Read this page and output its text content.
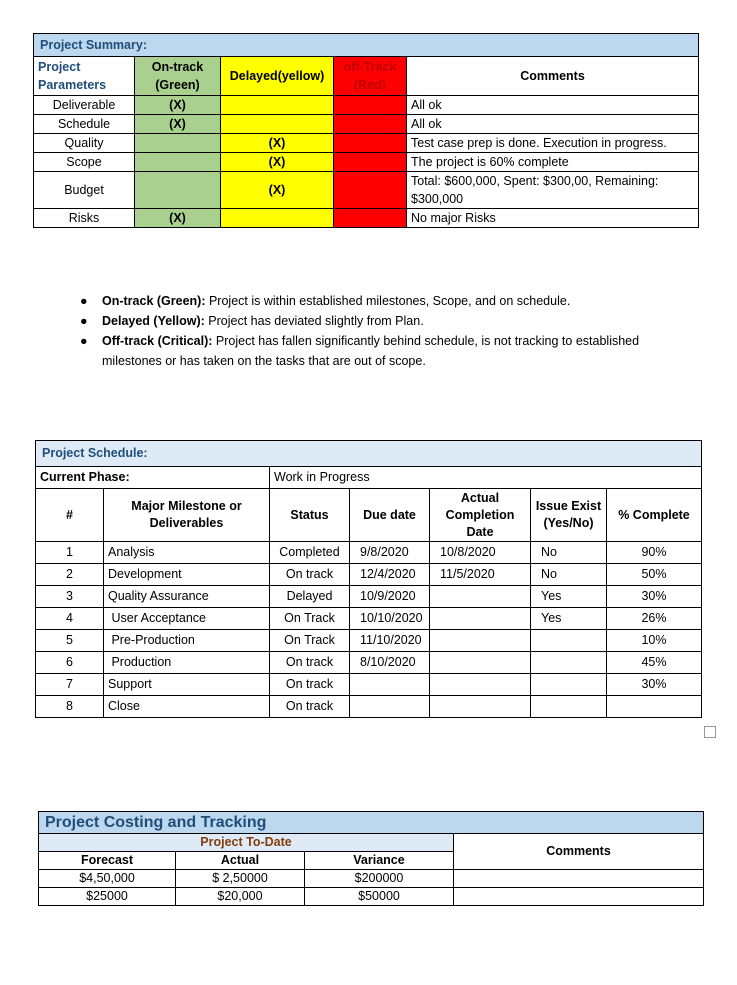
Project Summary:				
Project Parameters	On-track (Green)	Delayed(yellow)	off-Track (Red)	Comments
Deliverable	(X)			All ok
Schedule	(X)			All ok
Quality		(X)		Test case prep is done. Execution in progress.
Scope		(X)		The project is 60% complete
Budget		(X)		Total: $600,000, Spent: $300,00, Remaining: $300,000
Risks	(X)			No major Risks
● On-track (Green): Project is within established milestones, Scope, and on schedule.
● Delayed (Yellow): Project has deviated slightly from Plan.
● Off-track (Critical): Project has fallen significantly behind schedule, is not tracking to established milestones or has taken on the tasks that are out of scope.
Project Schedule:						
Current Phase:		Work in Progress				
#	Major Milestone or Deliverables	Status	Due date	Actual Completion Date	Issue Exist (Yes/No)	% Complete
1	Analysis	Completed	9/8/2020	10/8/2020	No	90%
2	Development	On track	12/4/2020	11/5/2020	No	50%
3	Quality Assurance	Delayed	10/9/2020		Yes	30%
4	User Acceptance	On Track	10/10/2020		Yes	26%
5	Pre-Production	On Track	11/10/2020			10%
6	Production	On track	8/10/2020			45%
7	Support	On track				30%
8	Close	On track				
Project Costing and Tracking			
Project To-Date			Comments
Forecast	Actual	Variance	
$4,50,000	$ 2,50000	$200000	
$25000	$20,000	$50000	
